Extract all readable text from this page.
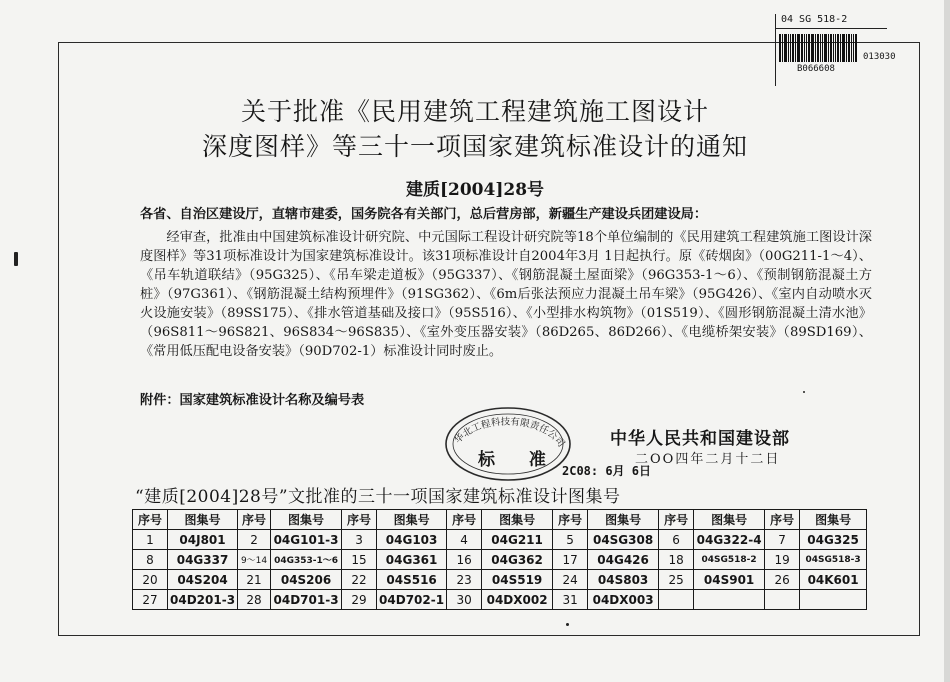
04 SG 518-2
013030
B066608
关于批准《民用建筑工程建筑施工图设计
深度图样》等三十一项国家建筑标准设计的通知
建质[2004]28号
各省、自治区建设厅，直辖市建委，国务院各有关部门，总后营房部，新疆生产建设兵团建设局：
经审查，批准由中国建筑标准设计研究院、中元国际工程设计研究院等18个单位编制的《民用建筑工程建筑施工图设计深度图样》等31项标准设计为国家建筑标准设计。该31项标准设计自2004年3月 1日起执行。原《砖烟囱》（00G211-1～4）、《吊车轨道联结》（95G325）、《吊车梁走道板》（95G337）、《钢筋混凝土屋面梁》（96G353-1～6）、《预制钢筋混凝土方桩》（97G361）、《钢筋混凝土结构预埋件》（91SG362）、《6m后张法预应力混凝土吊车梁》（95G426）、《室内自动喷水灭火设施安装》（89SS175）、《排水管道基础及接口》（95S516）、《小型排水构筑物》（01S519）、《圆形钢筋混凝土清水池》（96S811～96S821、96S834～96S835）、《室外变压器安装》（86D265、86D266）、《电缆桥架安装》（89SD169）、《常用低压配电设备安装》（90D702-1）标准设计同时废止。
附件：国家建筑标准设计名称及编号表
华北工程科技有限责任公司
标 准
中华人民共和国建设部
二OO四年二月十二日
2C08: 6月 6日
“建质[2004]28号”文批准的三十一项国家建筑标准设计图集号
序号	图集号	序号	图集号	序号	图集号	序号	图集号	序号	图集号	序号	图集号	序号	图集号
1	04J801	2	04G101-3	3	04G103	4	04G211	5	04SG308	6	04G322-4	7	04G325
8	04G337	9～14	04G353-1～6	15	04G361	16	04G362	17	04G426	18	04SG518-2	19	04SG518-3
20	04S204	21	04S206	22	04S516	23	04S519	24	04S803	25	04S901	26	04K601
27	04D201-3	28	04D701-3	29	04D702-1	30	04DX002	31	04DX003				
